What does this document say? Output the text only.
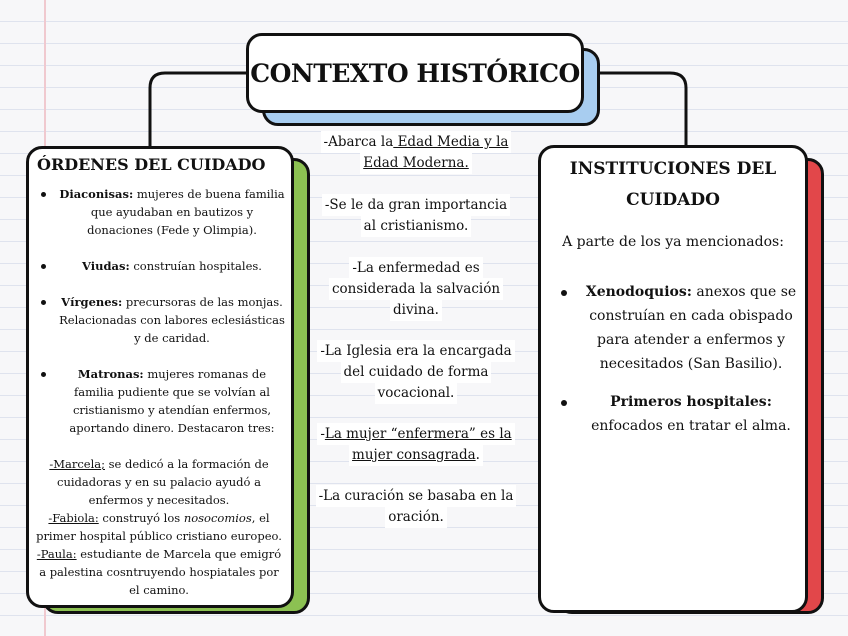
CONTEXTO HISTÓRICO
ÓRDENES DEL CUIDADO
Diaconisas: mujeres de buena familia que ayudaban en bautizos y donaciones (Fede y Olimpia).
Viudas: construían hospitales.
Vírgenes: precursoras de las monjas. Relacionadas con labores eclesiásticas y de caridad.
Matronas: mujeres romanas de familia pudiente que se volvían al cristianismo y atendían enfermos, aportando dinero. Destacaron tres:
-Marcela; se dedicó a la formación de cuidadoras y en su palacio ayudó a enfermos y necesitados.
-Fabiola: construyó los nosocomios, el primer hospital público cristiano europeo.
-Paula: estudiante de Marcela que emigró a palestina cosntruyendo hospiatales por el camino.
-Abarca la Edad Media y la Edad Moderna.
-Se le da gran importancia al cristianismo.
-La enfermedad es considerada la salvación divina.
-La Iglesia era la encargada del cuidado de forma vocacional.
-La mujer “enfermera” es la mujer consagrada.
-La curación se basaba en la oración.
INSTITUCIONES DEL CUIDADO
A parte de los ya mencionados:
Xenodoquios: anexos que se construían en cada obispado para atender a enfermos y necesitados (San Basilio).
Primeros hospitales: enfocados en tratar el alma.
